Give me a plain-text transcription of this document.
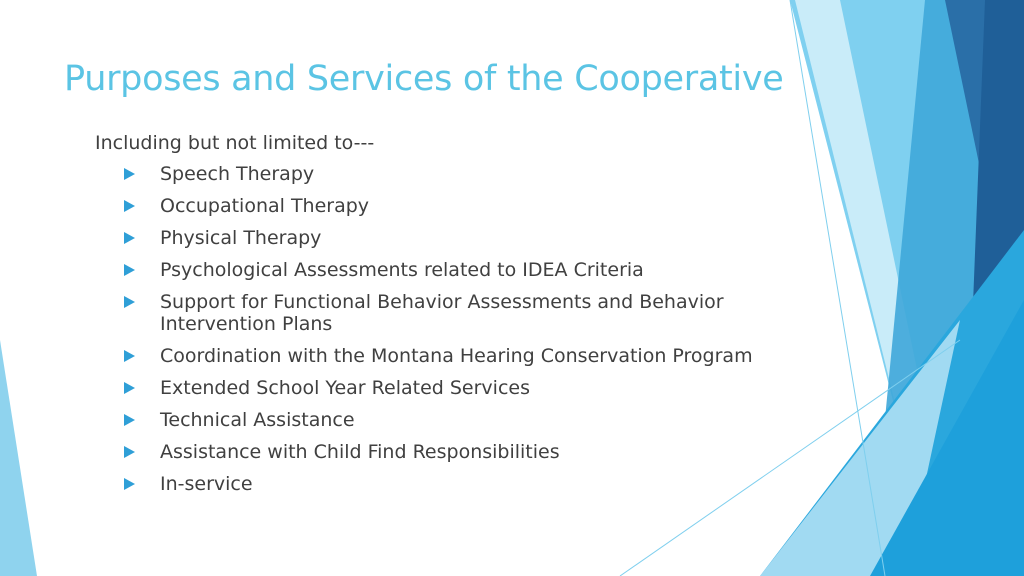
Purposes and Services of the Cooperative
Including but not limited to---
Speech Therapy
Occupational Therapy
Physical Therapy
Psychological Assessments related to IDEA Criteria
Support for Functional Behavior Assessments and Behavior Intervention Plans
Coordination with the Montana Hearing Conservation Program
Extended School Year Related Services
Technical Assistance
Assistance with Child Find Responsibilities
In-service
